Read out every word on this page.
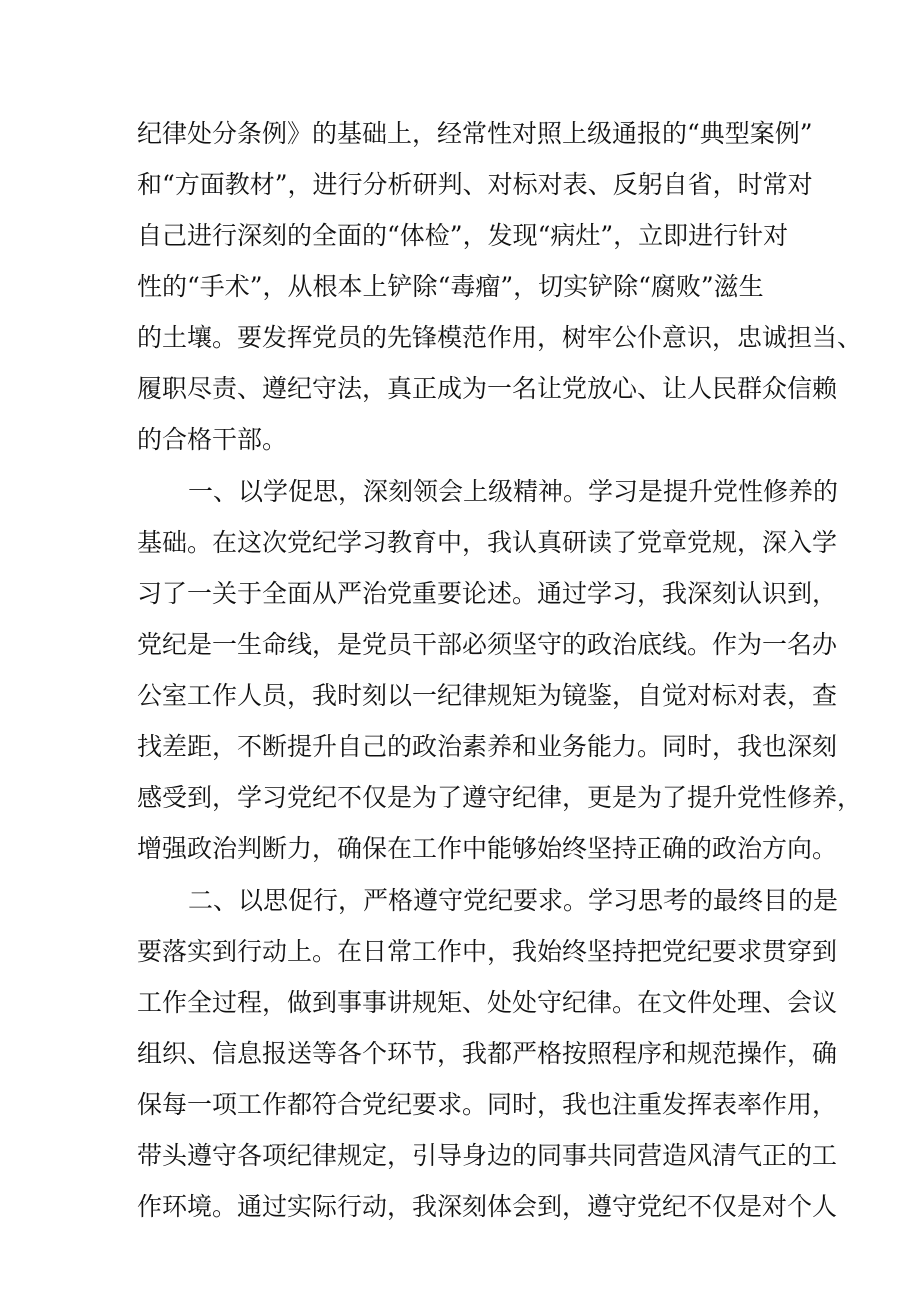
纪律处分条例》的基础上，经常性对照上级通报的“典型案例”
和“方面教材”，进行分析研判、对标对表、反躬自省，时常对
自己进行深刻的全面的“体检”，发现“病灶”，立即进行针对
性的“手术”，从根本上铲除“毒瘤”，切实铲除“腐败”滋生
的土壤。要发挥党员的先锋模范作用，树牢公仆意识，忠诚担当、
履职尽责、遵纪守法，真正成为一名让党放心、让人民群众信赖
的合格干部。
一、以学促思，深刻领会上级精神。学习是提升党性修养的
基础。在这次党纪学习教育中，我认真研读了党章党规，深入学
习了一关于全面从严治党重要论述。通过学习，我深刻认识到，
党纪是一生命线，是党员干部必须坚守的政治底线。作为一名办
公室工作人员，我时刻以一纪律规矩为镜鉴，自觉对标对表，查
找差距，不断提升自己的政治素养和业务能力。同时，我也深刻
感受到，学习党纪不仅是为了遵守纪律，更是为了提升党性修养，
增强政治判断力，确保在工作中能够始终坚持正确的政治方向。
二、以思促行，严格遵守党纪要求。学习思考的最终目的是
要落实到行动上。在日常工作中，我始终坚持把党纪要求贯穿到
工作全过程，做到事事讲规矩、处处守纪律。在文件处理、会议
组织、信息报送等各个环节，我都严格按照程序和规范操作，确
保每一项工作都符合党纪要求。同时，我也注重发挥表率作用，
带头遵守各项纪律规定，引导身边的同事共同营造风清气正的工
作环境。通过实际行动，我深刻体会到，遵守党纪不仅是对个人
